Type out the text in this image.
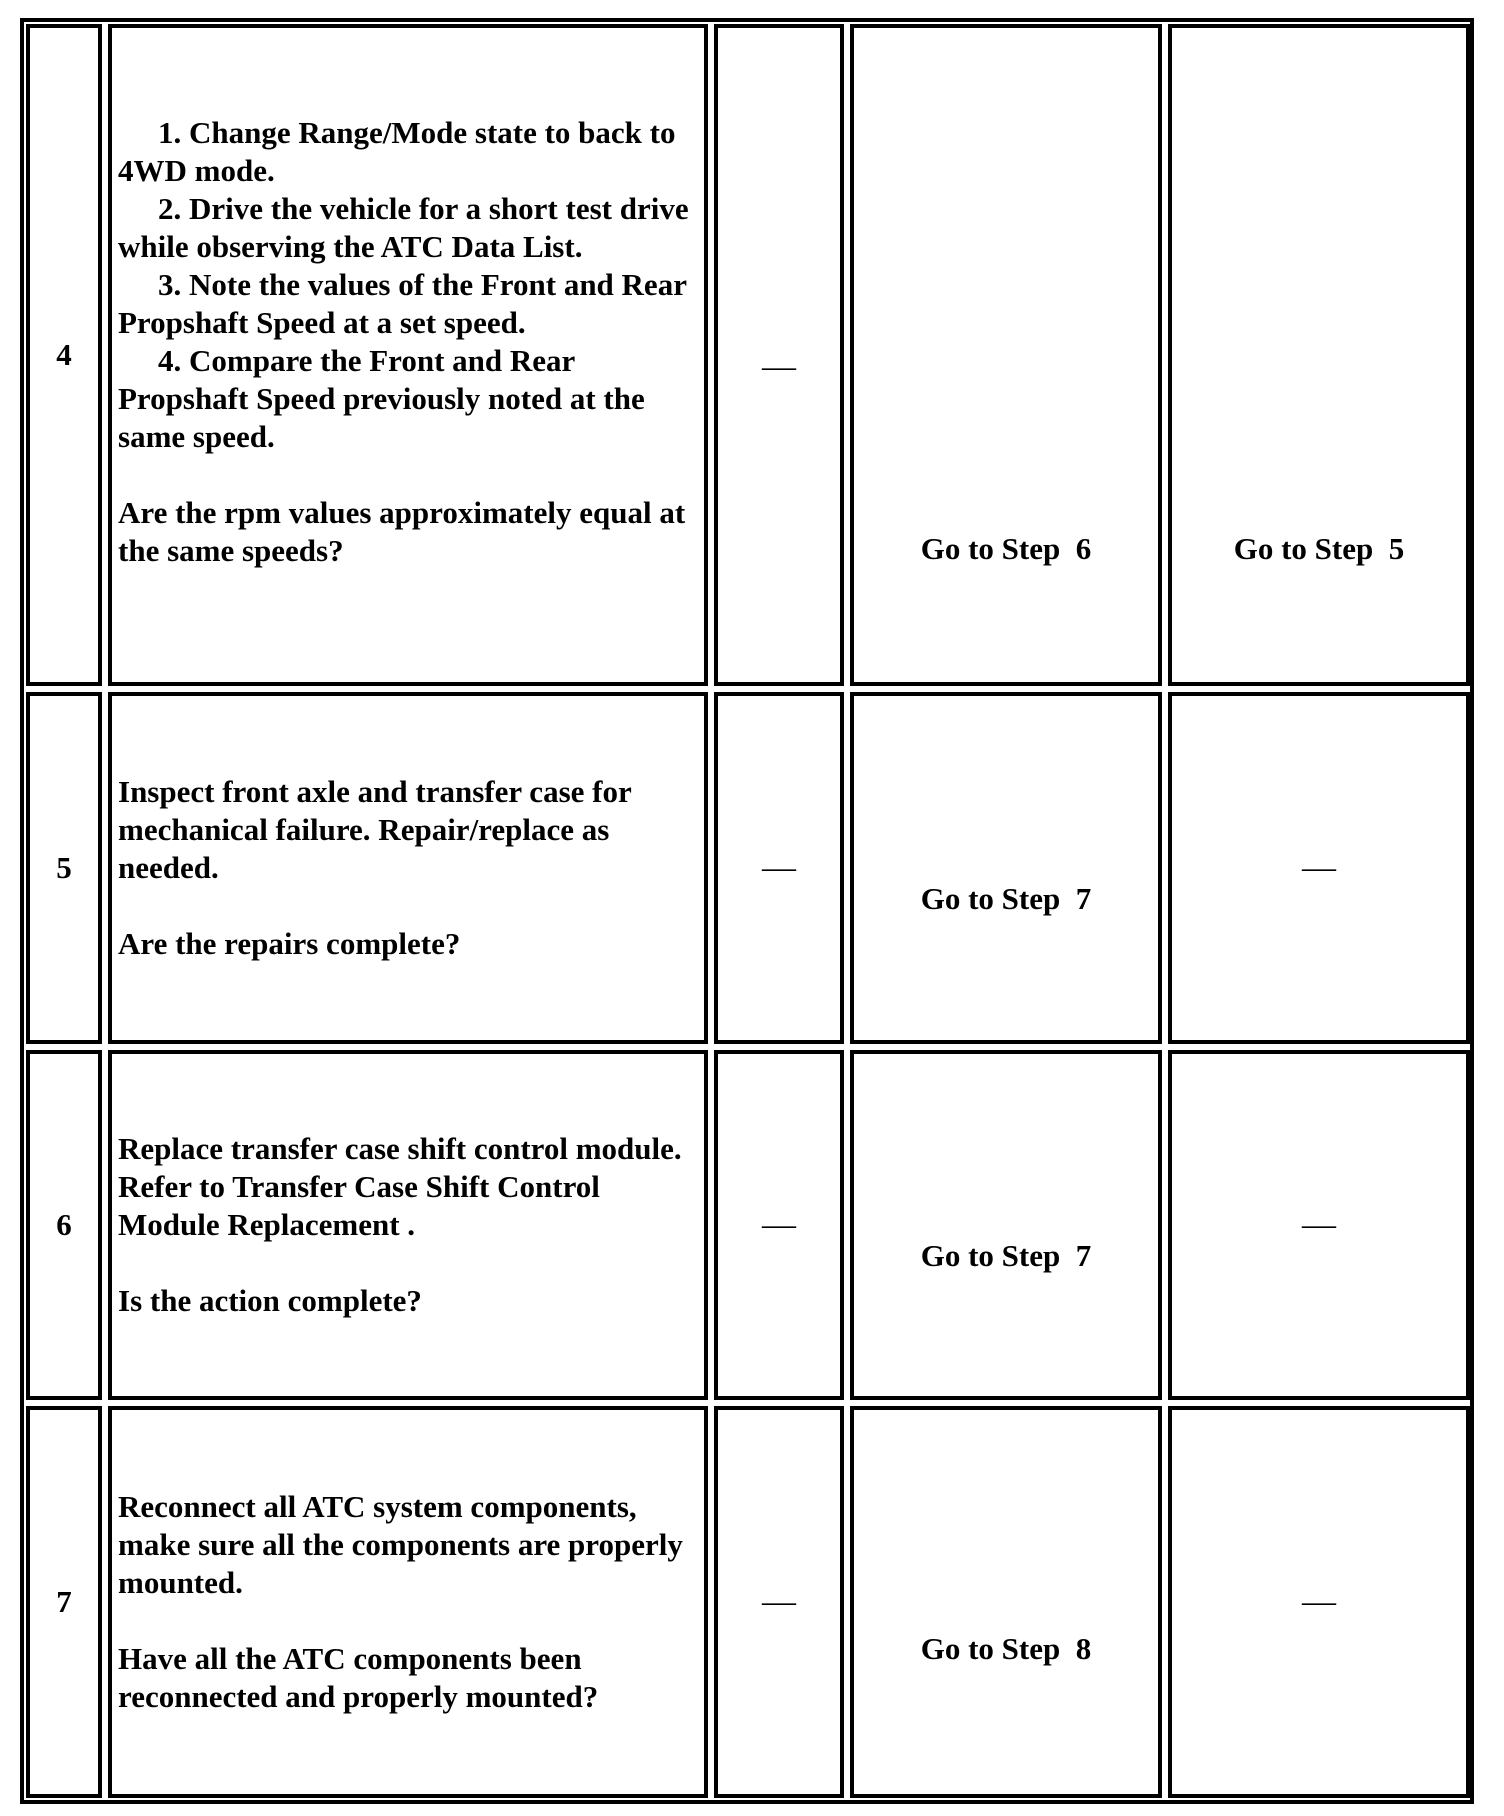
4
1. Change Range/Mode state to back to 4WD mode.
2. Drive the vehicle for a short test drive while observing the ATC Data List.
3. Note the values of the Front and Rear Propshaft Speed at a set speed.
4. Compare the Front and Rear Propshaft Speed previously noted at the same speed.
Are the rpm values approximately equal at the same speeds?
—
Go to Step  6	Go to Step  5
5
Inspect front axle and transfer case for mechanical failure. Repair/replace as needed.
Are the repairs complete?
—
Go to Step  7
—
6
Replace transfer case shift control module. Refer to Transfer Case Shift Control Module Replacement .
Is the action complete?
—
Go to Step  7
—
7
Reconnect all ATC system components, make sure all the components are properly mounted.
Have all the ATC components been reconnected and properly mounted?
—
Go to Step  8
—
